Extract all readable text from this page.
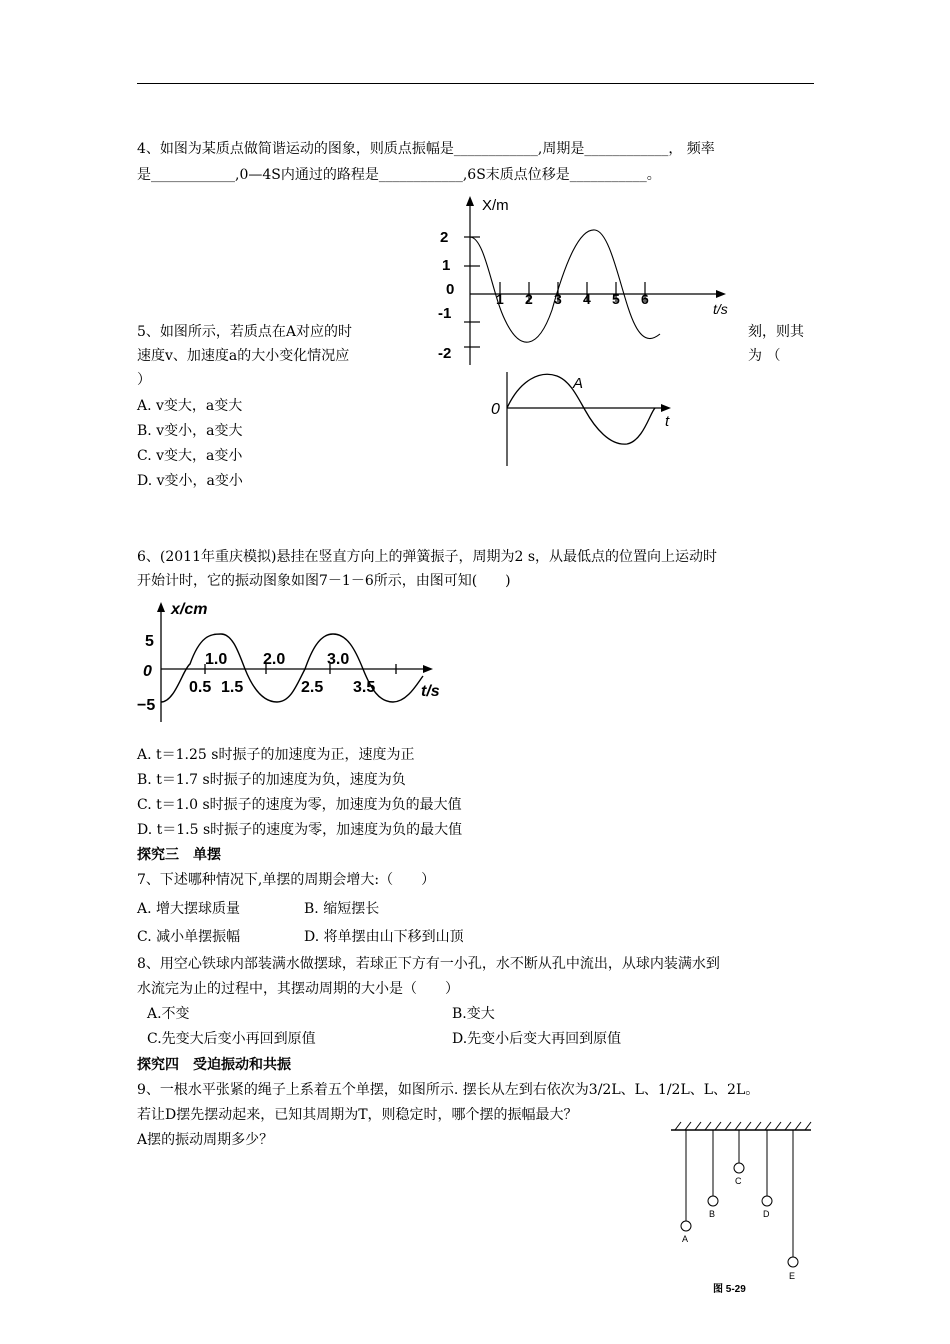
4、如图为某质点做简谐运动的图象，则质点振幅是____________,周期是____________， 频率
是____________,0—4S内通过的路程是____________,6S末质点位移是___________。
X/m
t/s
2
1
0
-1
-2
1 2 3 4 5 6
5、如图所示，若质点在A对应的时	刻，则其
速度v、加速度a的大小变化情况应	为 （
）
A. v变大，a变大
B. v变小，a变大
C. v变大，a变小
D. v变小，a变小
0
A
t
6、(2011年重庆模拟)悬挂在竖直方向上的弹簧振子，周期为2 s，从最低点的位置向上运动时
开始计时，它的振动图象如图7－1－6所示，由图可知(　　)
x/cm
t/s
5
0
−5
1.0 2.0	3.0
0.5 1.5	2.5 3.5
A. t＝1.25 s时振子的加速度为正，速度为正
B. t＝1.7 s时振子的加速度为负，速度为负
C. t＝1.0 s时振子的速度为零，加速度为负的最大值
D. t＝1.5 s时振子的速度为零，加速度为负的最大值
探究三　单摆
7、下述哪种情况下,单摆的周期会增大:（　　）
A. 增大摆球质量	B. 缩短摆长
C. 减小单摆振幅	D. 将单摆由山下移到山顶
8、用空心铁球内部装满水做摆球，若球正下方有一小孔，水不断从孔中流出，从球内装满水到
水流完为止的过程中，其摆动周期的大小是（　　）
A.不变	B.变大
C.先变大后变小再回到原值	D.先变小后变大再回到原值
探究四　受迫振动和共振
9、一根水平张紧的绳子上系着五个单摆，如图所示. 摆长从左到右依次为3/2L、L、1/2L、L、2L。
若让D摆先摆动起来，已知其周期为T，则稳定时，哪个摆的振幅最大？
A摆的振动周期多少？
A
B
C
D
E
图 5-29
